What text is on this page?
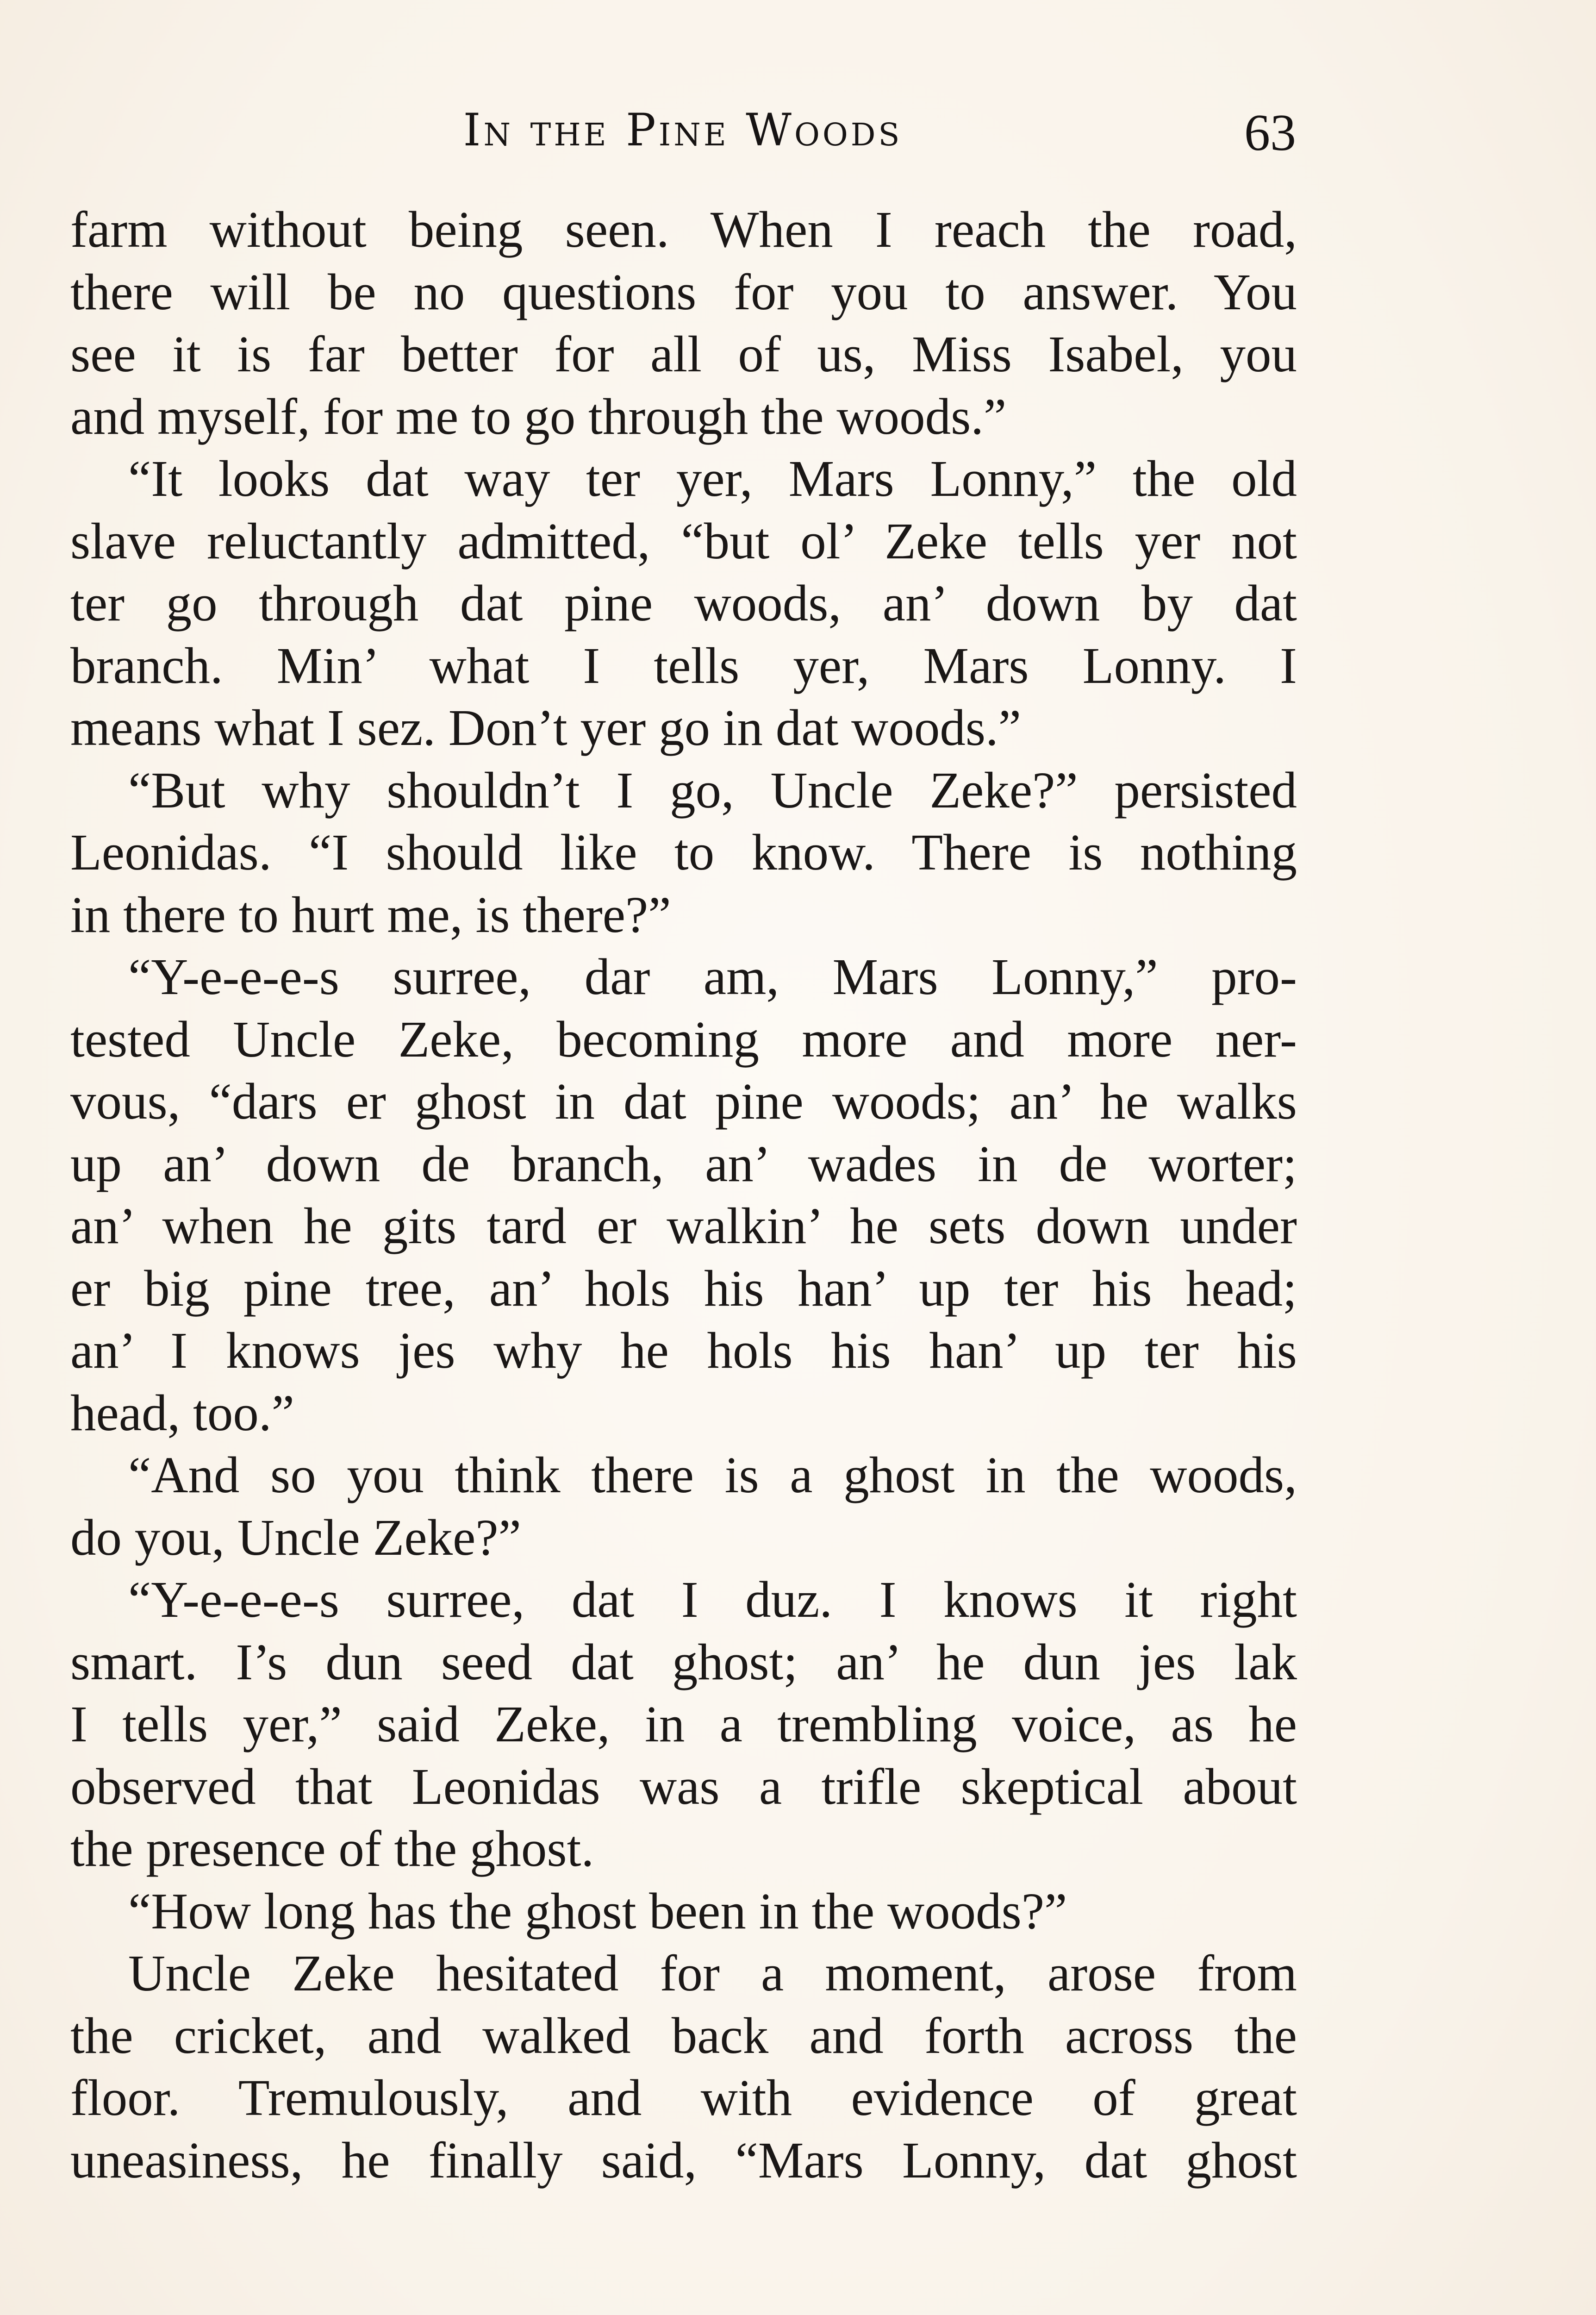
In the Pine Woods	63
farm without being seen. When I reach the road,
there will be no questions for you to answer. You
see it is far better for all of us, Miss Isabel, you
and myself, for me to go through the woods.”
“It looks dat way ter yer, Mars Lonny,” the old
slave reluctantly admitted, “but ol’ Zeke tells yer not
ter go through dat pine woods, an’ down by dat
branch. Min’ what I tells yer, Mars Lonny. I
means what I sez. Don’t yer go in dat woods.”
“But why shouldn’t I go, Uncle Zeke?” persisted
Leonidas. “I should like to know. There is nothing
in there to hurt me, is there?”
“Y-e-e-e-s surree, dar am, Mars Lonny,” pro-
tested Uncle Zeke, becoming more and more ner-
vous, “dars er ghost in dat pine woods; an’ he walks
up an’ down de branch, an’ wades in de worter;
an’ when he gits tard er walkin’ he sets down under
er big pine tree, an’ hols his han’ up ter his head;
an’ I knows jes why he hols his han’ up ter his
head, too.”
“And so you think there is a ghost in the woods,
do you, Uncle Zeke?”
“Y-e-e-e-s surree, dat I duz. I knows it right
smart. I’s dun seed dat ghost; an’ he dun jes lak
I tells yer,” said Zeke, in a trembling voice, as he
observed that Leonidas was a trifle skeptical about
the presence of the ghost.
“How long has the ghost been in the woods?”
Uncle Zeke hesitated for a moment, arose from
the cricket, and walked back and forth across the
floor. Tremulously, and with evidence of great
uneasiness, he finally said, “Mars Lonny, dat ghost
